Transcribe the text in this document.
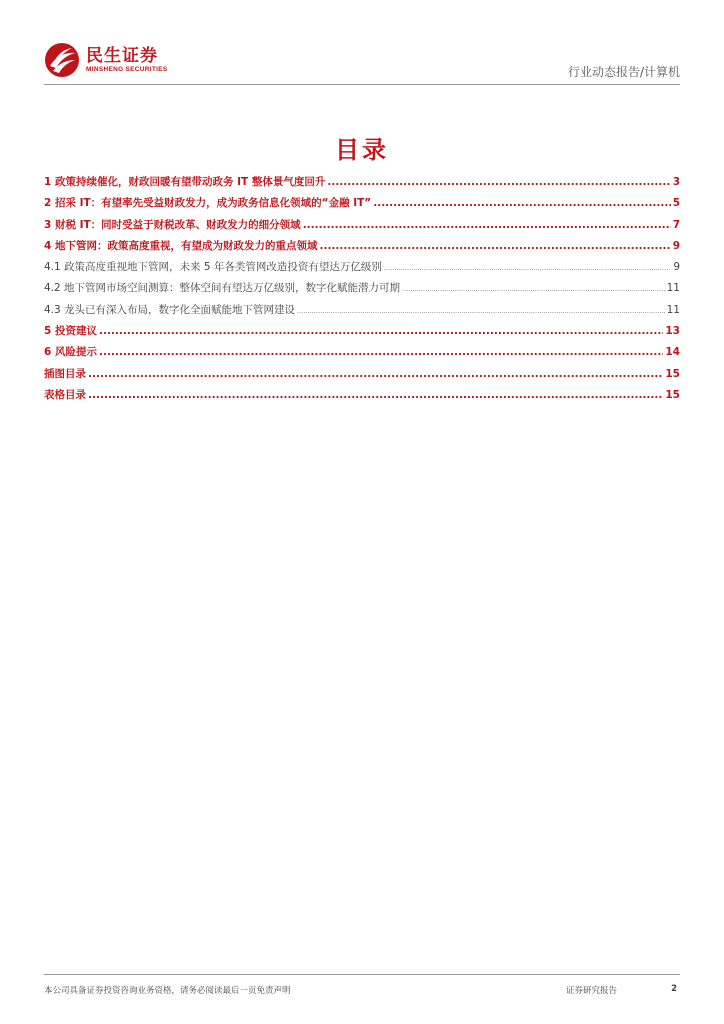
民生证券
MINSHENG SECURITIES	行业动态报告/计算机
目录
1 政策持续催化，财政回暖有望带动政务 IT 整体景气度回升 .....	3
2 招采 IT：有望率先受益财政发力，成为政务信息化领域的“金融 IT” .....	5
3 财税 IT：同时受益于财税改革、财政发力的细分领域 .....	7
4 地下管网：政策高度重视，有望成为财政发力的重点领域 .....	9
4.1 政策高度重视地下管网，未来 5 年各类管网改造投资有望达万亿级别 .....	9
4.2 地下管网市场空间测算：整体空间有望达万亿级别，数字化赋能潜力可期 .....	11
4.3 龙头已有深入布局，数字化全面赋能地下管网建设 .....	11
5 投资建议 .....	13
6 风险提示 .....	14
插图目录 .....	15
表格目录 .....	15
本公司具备证券投资咨询业务资格，请务必阅读最后一页免责声明	证券研究报告	2
